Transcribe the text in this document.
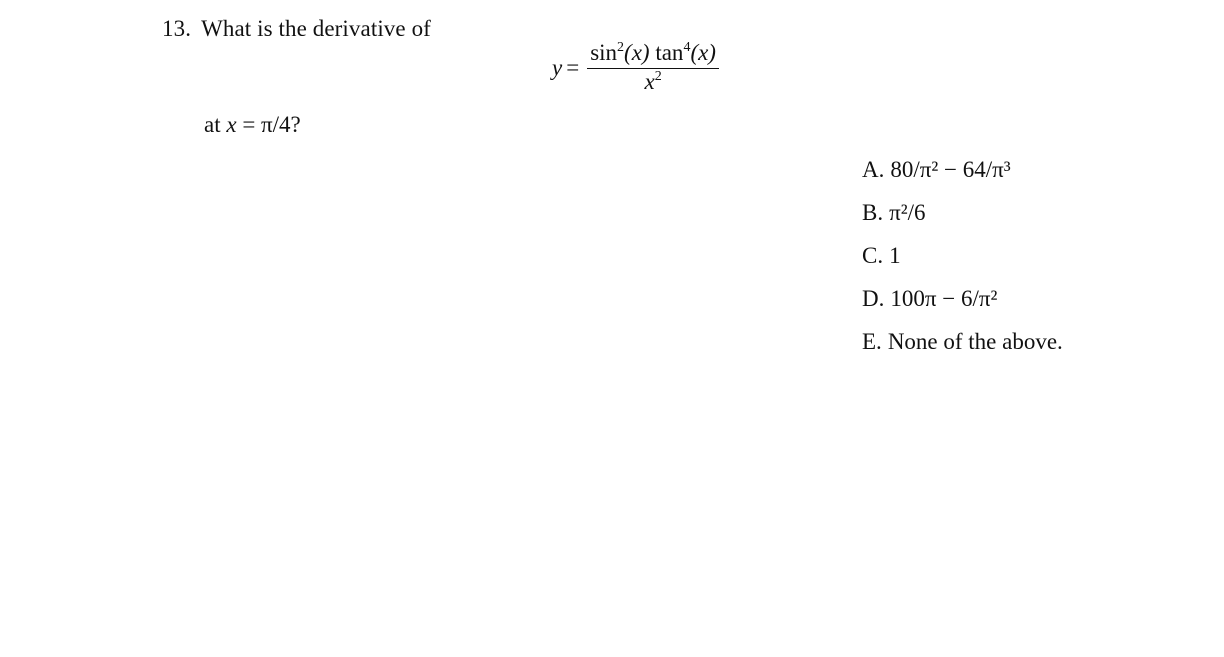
13. What is the derivative of
$y = \frac{\sin^2(x) \tan^4(x)}{x^2}$
at x = π/4?
A. 80/π² − 64/π³
B. π²/6
C. 1
D. 100π − 6/π²
E. None of the above.
